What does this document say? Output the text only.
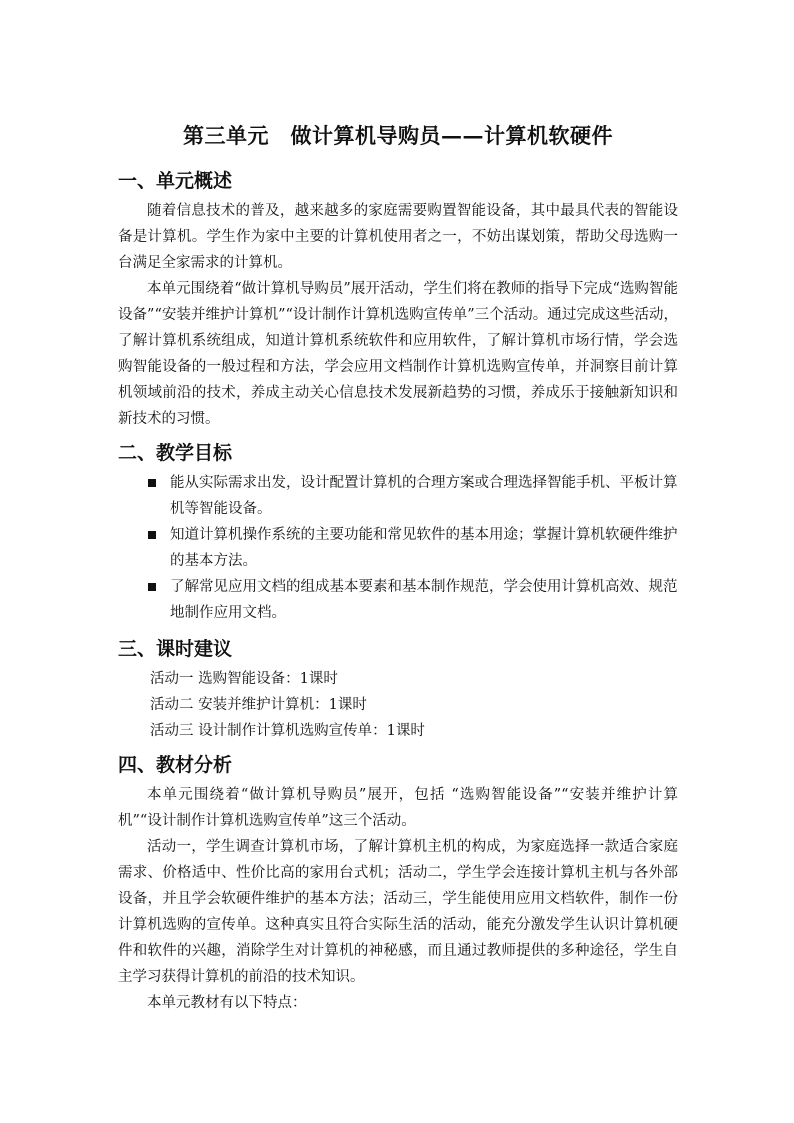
第三单元　做计算机导购员——计算机软硬件
一、单元概述

随着信息技术的普及，越来越多的家庭需要购置智能设备，其中最具代表的智能设备是计算机。学生作为家中主要的计算机使用者之一，不妨出谋划策，帮助父母选购一台满足全家需求的计算机。

本单元围绕着“做计算机导购员”展开活动，学生们将在教师的指导下完成“选购智能设备”“安装并维护计算机”“设计制作计算机选购宣传单”三个活动。通过完成这些活动，了解计算机系统组成，知道计算机系统软件和应用软件，了解计算机市场行情，学会选购智能设备的一般过程和方法，学会应用文档制作计算机选购宣传单，并洞察目前计算机领域前沿的技术，养成主动关心信息技术发展新趋势的习惯，养成乐于接触新知识和新技术的习惯。

二、教学目标
能从实际需求出发，设计配置计算机的合理方案或合理选择智能手机、平板计算机等智能设备。
知道计算机操作系统的主要功能和常见软件的基本用途；掌握计算机软硬件维护的基本方法。
了解常见应用文档的组成基本要素和基本制作规范，学会使用计算机高效、规范地制作应用文档。
三、课时建议
活动一 选购智能设备：1课时
活动二 安装并维护计算机：1课时
活动三 设计制作计算机选购宣传单：1课时
四、教材分析

本单元围绕着“做计算机导购员”展开，包括 “选购智能设备”“安装并维护计算机”“设计制作计算机选购宣传单”这三个活动。

活动一，学生调查计算机市场，了解计算机主机的构成，为家庭选择一款适合家庭需求、价格适中、性价比高的家用台式机；活动二，学生学会连接计算机主机与各外部设备，并且学会软硬件维护的基本方法；活动三，学生能使用应用文档软件，制作一份计算机选购的宣传单。这种真实且符合实际生活的活动，能充分激发学生认识计算机硬件和软件的兴趣，消除学生对计算机的神秘感，而且通过教师提供的多种途径，学生自主学习获得计算机的前沿的技术知识。

本单元教材有以下特点：
